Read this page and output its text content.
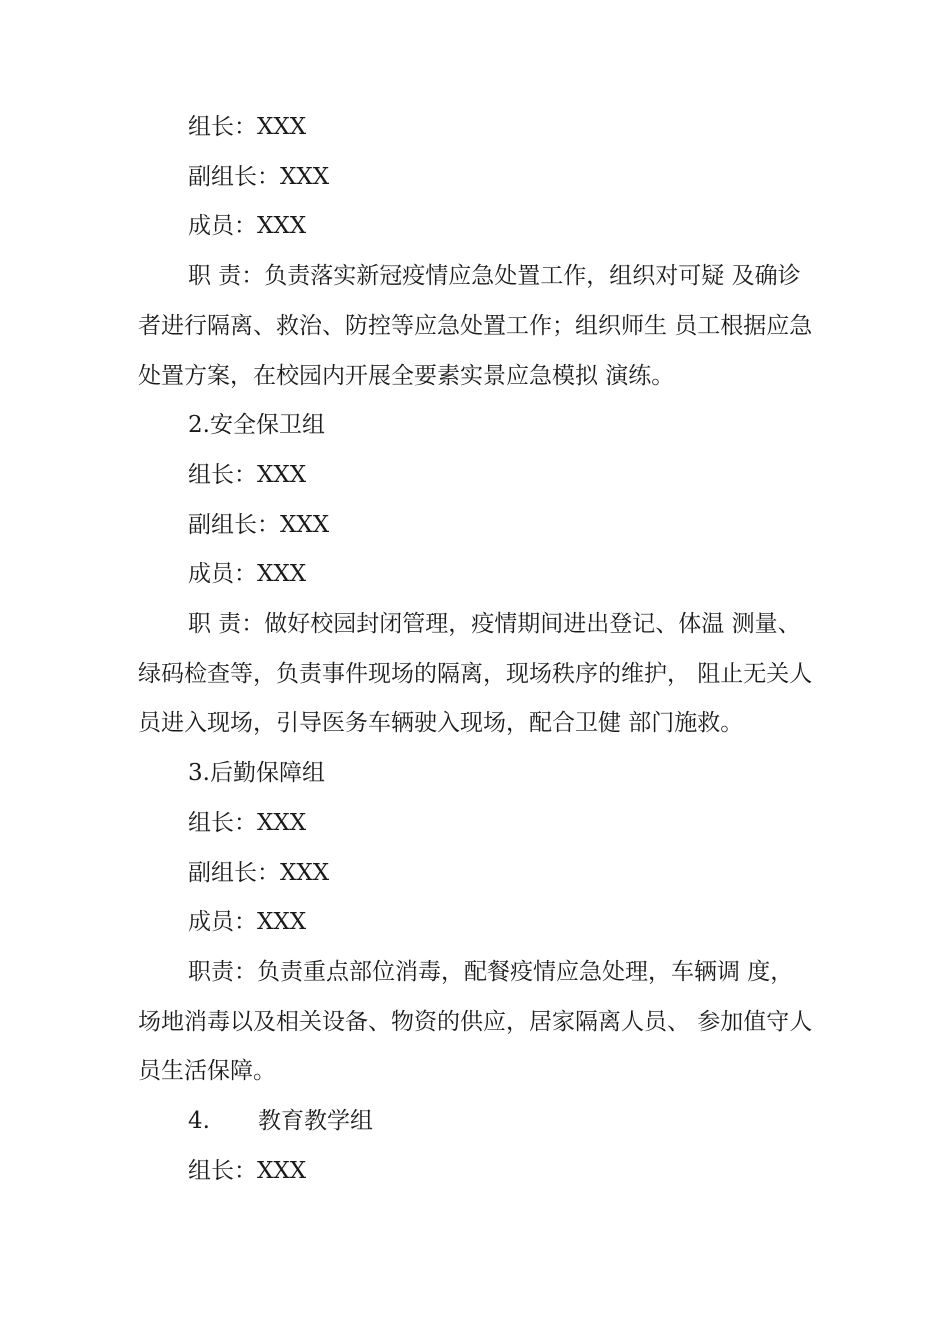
组长：XXX

副组长：XXX

成员：XXX

职 责：负责落实新冠疫情应急处置工作，组织对可疑 及确诊
者进行隔离、救治、防控等应急处置工作；组织师生 员工根据应急
处置方案，在校园内开展全要素实景应急模拟 演练。

2.安全保卫组

组长：XXX

副组长：XXX

成员：XXX

职 责：做好校园封闭管理，疫情期间进出登记、体温 测量、
绿码检查等，负责事件现场的隔离，现场秩序的维护， 阻止无关人
员进入现场，引导医务车辆驶入现场，配合卫健 部门施救。

3.后勤保障组

组长：XXX

副组长：XXX

成员：XXX

职责：负责重点部位消毒，配餐疫情应急处理，车辆调 度，
场地消毒以及相关设备、物资的供应，居家隔离人员、 参加值守人
员生活保障。

4. 教育教学组

组长：XXX
